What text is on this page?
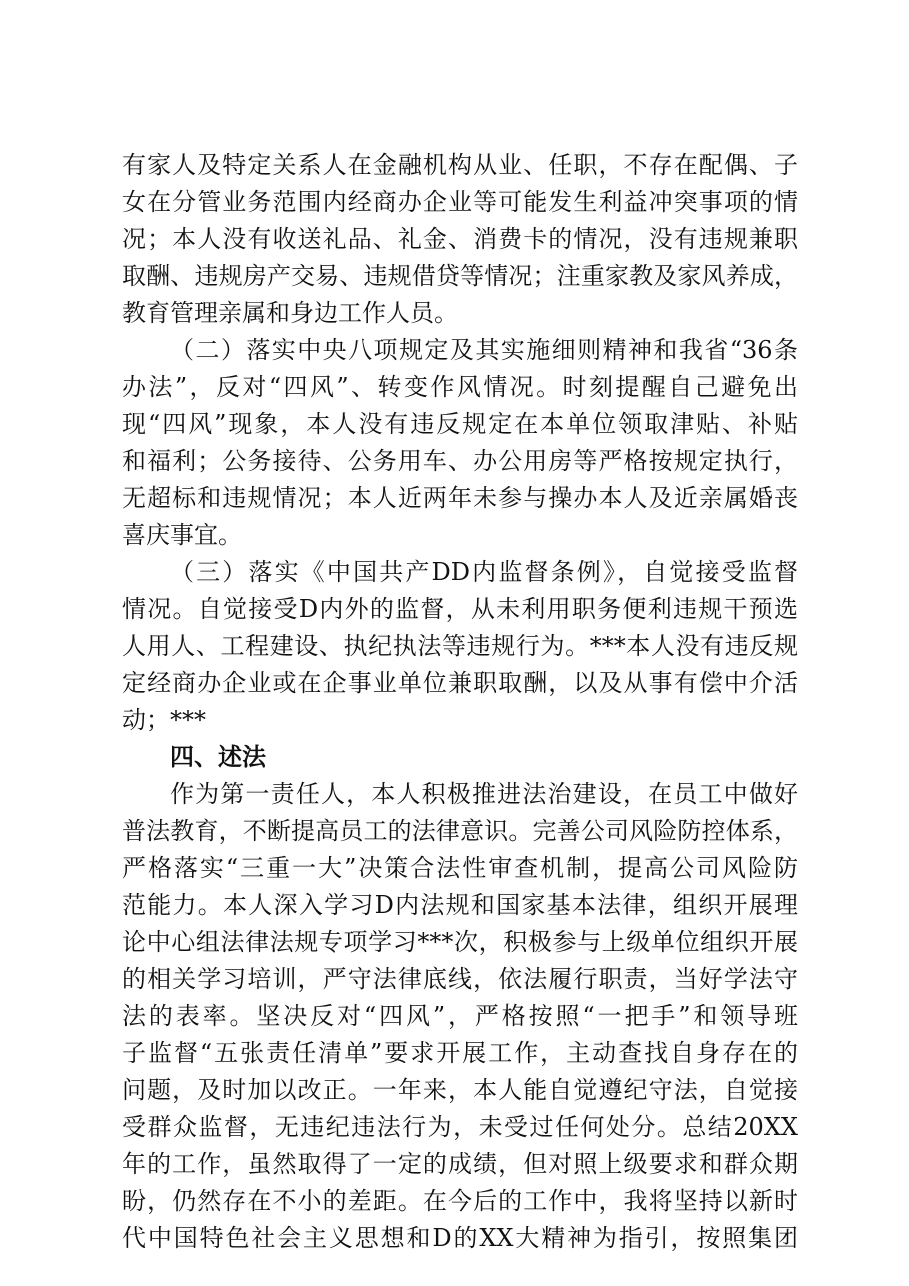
有家人及特定关系人在金融机构从业、任职，不存在配偶、子
女在分管业务范围内经商办企业等可能发生利益冲突事项的情
况；本人没有收送礼品、礼金、消费卡的情况，没有违规兼职
取酬、违规房产交易、违规借贷等情况；注重家教及家风养成，
教育管理亲属和身边工作人员。
（二）落实中央八项规定及其实施细则精神和我省“36条
办法”，反对“四风”、转变作风情况。时刻提醒自己避免出
现“四风”现象，本人没有违反规定在本单位领取津贴、补贴
和福利；公务接待、公务用车、办公用房等严格按规定执行，
无超标和违规情况；本人近两年未参与操办本人及近亲属婚丧
喜庆事宜。
（三）落实《中国共产DD内监督条例》，自觉接受监督
情况。自觉接受D内外的监督，从未利用职务便利违规干预选
人用人、工程建设、执纪执法等违规行为。***本人没有违反规
定经商办企业或在企事业单位兼职取酬，以及从事有偿中介活
动；***
四、述法
作为第一责任人，本人积极推进法治建设，在员工中做好
普法教育，不断提高员工的法律意识。完善公司风险防控体系，
严格落实“三重一大”决策合法性审查机制，提高公司风险防
范能力。本人深入学习D内法规和国家基本法律，组织开展理
论中心组法律法规专项学习***次，积极参与上级单位组织开展
的相关学习培训，严守法律底线，依法履行职责，当好学法守
法的表率。坚决反对“四风”，严格按照“一把手”和领导班
子监督“五张责任清单”要求开展工作，主动查找自身存在的
问题，及时加以改正。一年来，本人能自觉遵纪守法，自觉接
受群众监督，无违纪违法行为，未受过任何处分。总结20XX
年的工作，虽然取得了一定的成绩，但对照上级要求和群众期
盼，仍然存在不小的差距。在今后的工作中，我将坚持以新时
代中国特色社会主义思想和D的XX大精神为指引，按照集团
